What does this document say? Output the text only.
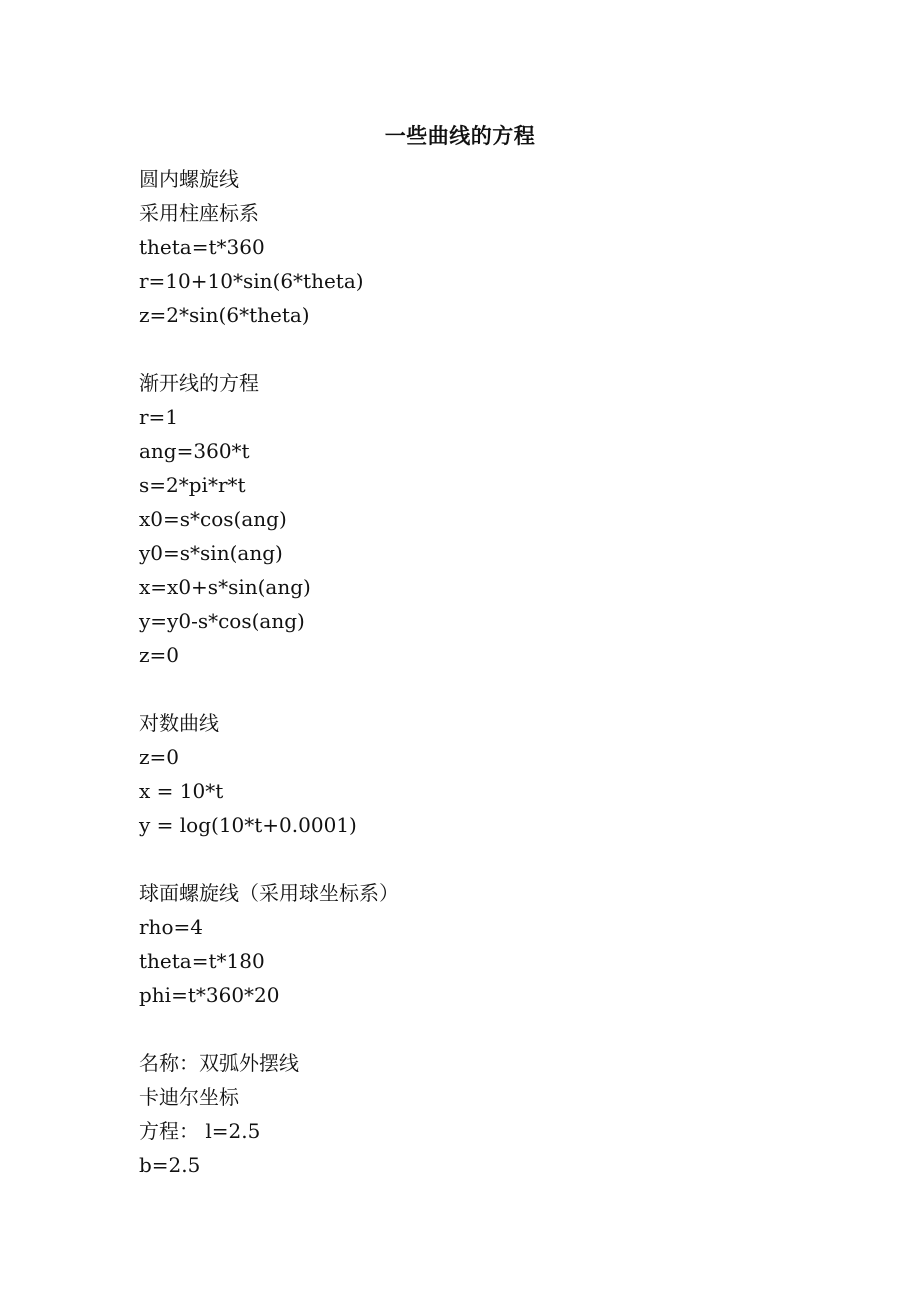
一些曲线的方程
圆内螺旋线
采用柱座标系
theta=t*360
r=10+10*sin(6*theta)
z=2*sin(6*theta)
渐开线的方程
r=1
ang=360*t
s=2*pi*r*t
x0=s*cos(ang)
y0=s*sin(ang)
x=x0+s*sin(ang)
y=y0-s*cos(ang)
z=0
对数曲线
z=0
x = 10*t
y = log(10*t+0.0001)
球面螺旋线（采用球坐标系）
rho=4
theta=t*180
phi=t*360*20
名称：双弧外摆线
卡迪尔坐标
方程： l=2.5
b=2.5
